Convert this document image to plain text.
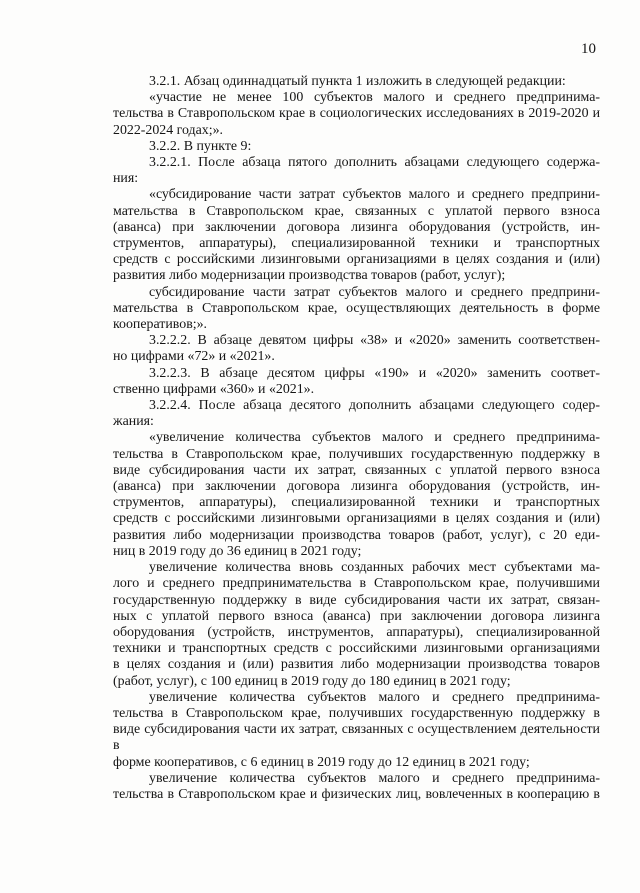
10
3.2.1. Абзац одиннадцатый пункта 1 изложить в следующей редакции:
«участие не менее 100 субъектов малого и среднего предпринима-
тельства в Ставропольском крае в социологических исследованиях в 2019-2020 и
2022-2024 годах;».
3.2.2. В пункте 9:
3.2.2.1. После абзаца пятого дополнить абзацами следующего содержа-
ния:
«субсидирование части затрат субъектов малого и среднего предприни-
мательства в Ставропольском крае, связанных с уплатой первого взноса
(аванса) при заключении договора лизинга оборудования (устройств, ин-
струментов, аппаратуры), специализированной техники и транспортных
средств с российскими лизинговыми организациями в целях создания и (или)
развития либо модернизации производства товаров (работ, услуг);
субсидирование части затрат субъектов малого и среднего предприни-
мательства в Ставропольском крае, осуществляющих деятельность в форме
кооперативов;».
3.2.2.2. В абзаце девятом цифры «38» и «2020» заменить соответствен-
но цифрами «72» и «2021».
3.2.2.3. В абзаце десятом цифры «190» и «2020» заменить соответ-
ственно цифрами «360» и «2021».
3.2.2.4. После абзаца десятого дополнить абзацами следующего содер-
жания:
«увеличение количества субъектов малого и среднего предпринима-
тельства в Ставропольском крае, получивших государственную поддержку в
виде субсидирования части их затрат, связанных с уплатой первого взноса
(аванса) при заключении договора лизинга оборудования (устройств, ин-
струментов, аппаратуры), специализированной техники и транспортных
средств с российскими лизинговыми организациями в целях создания и (или)
развития либо модернизации производства товаров (работ, услуг), с 20 еди-
ниц в 2019 году до 36 единиц в 2021 году;
увеличение количества вновь созданных рабочих мест субъектами ма-
лого и среднего предпринимательства в Ставропольском крае, получившими
государственную поддержку в виде субсидирования части их затрат, связан-
ных с уплатой первого взноса (аванса) при заключении договора лизинга
оборудования (устройств, инструментов, аппаратуры), специализированной
техники и транспортных средств с российскими лизинговыми организациями
в целях создания и (или) развития либо модернизации производства товаров
(работ, услуг), с 100 единиц в 2019 году до 180 единиц в 2021 году;
увеличение количества субъектов малого и среднего предпринима-
тельства в Ставропольском крае, получивших государственную поддержку в
виде субсидирования части их затрат, связанных с осуществлением деятельности в
форме кооперативов, с 6 единиц в 2019 году до 12 единиц в 2021 году;
увеличение количества субъектов малого и среднего предпринима-
тельства в Ставропольском крае и физических лиц, вовлеченных в кооперацию в
